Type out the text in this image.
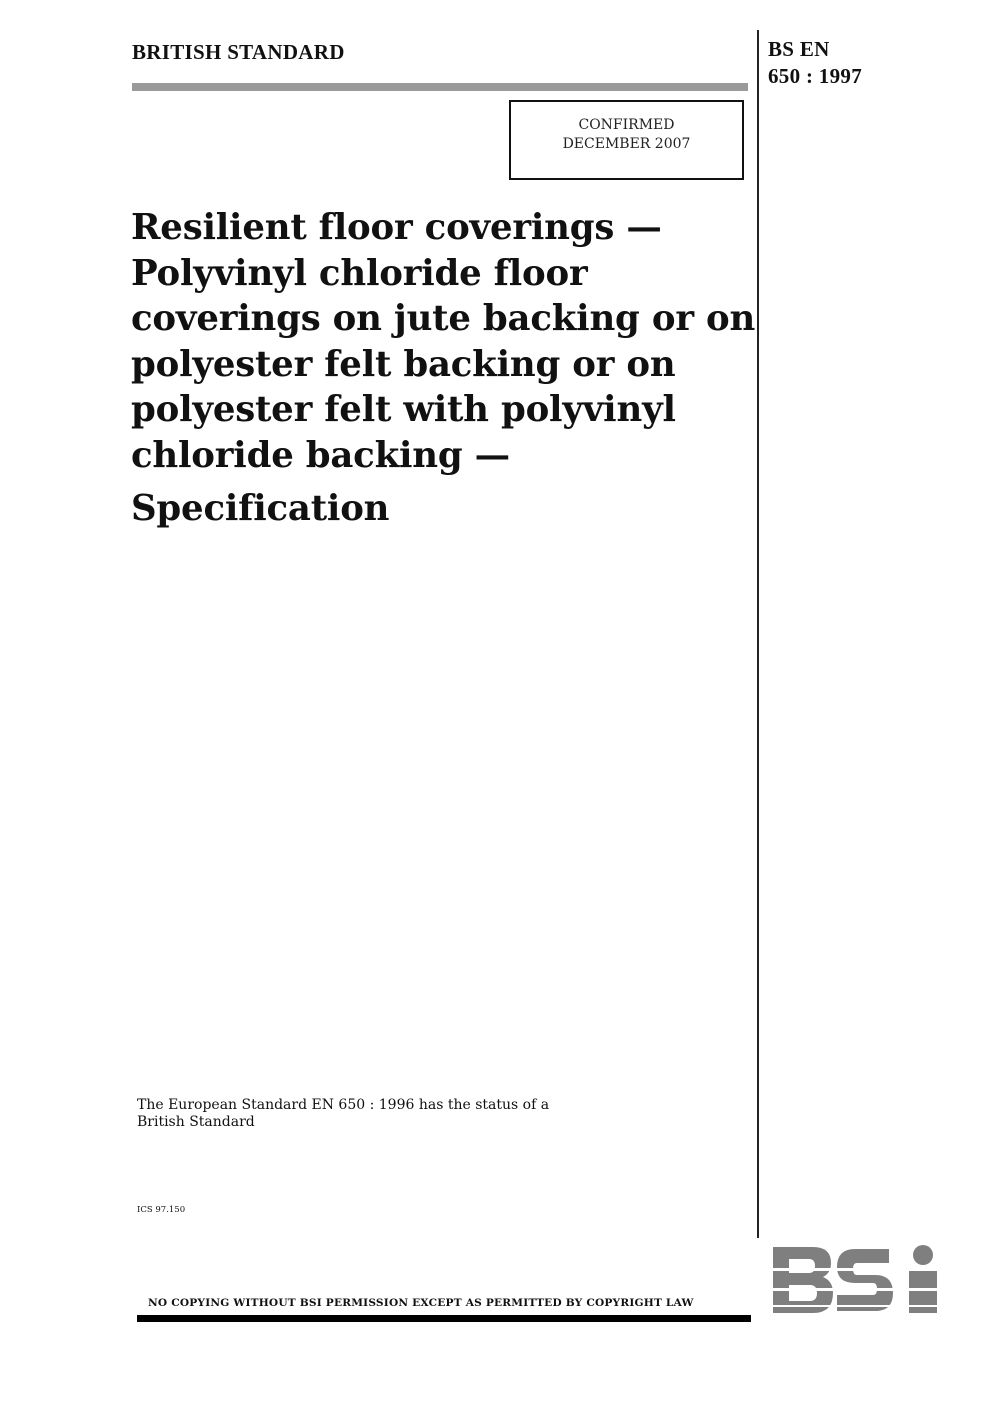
BRITISH STANDARD	BS EN
650 : 1997
CONFIRMED
DECEMBER 2007
Resilient floor coverings —
Polyvinyl chloride floor
coverings on jute backing or on
polyester felt backing or on
polyester felt with polyvinyl
chloride backing —
Specification
The European Standard EN 650 : 1996 has the status of a
British Standard
ICS 97.150
NO COPYING WITHOUT BSI PERMISSION EXCEPT AS PERMITTED BY COPYRIGHT LAW
